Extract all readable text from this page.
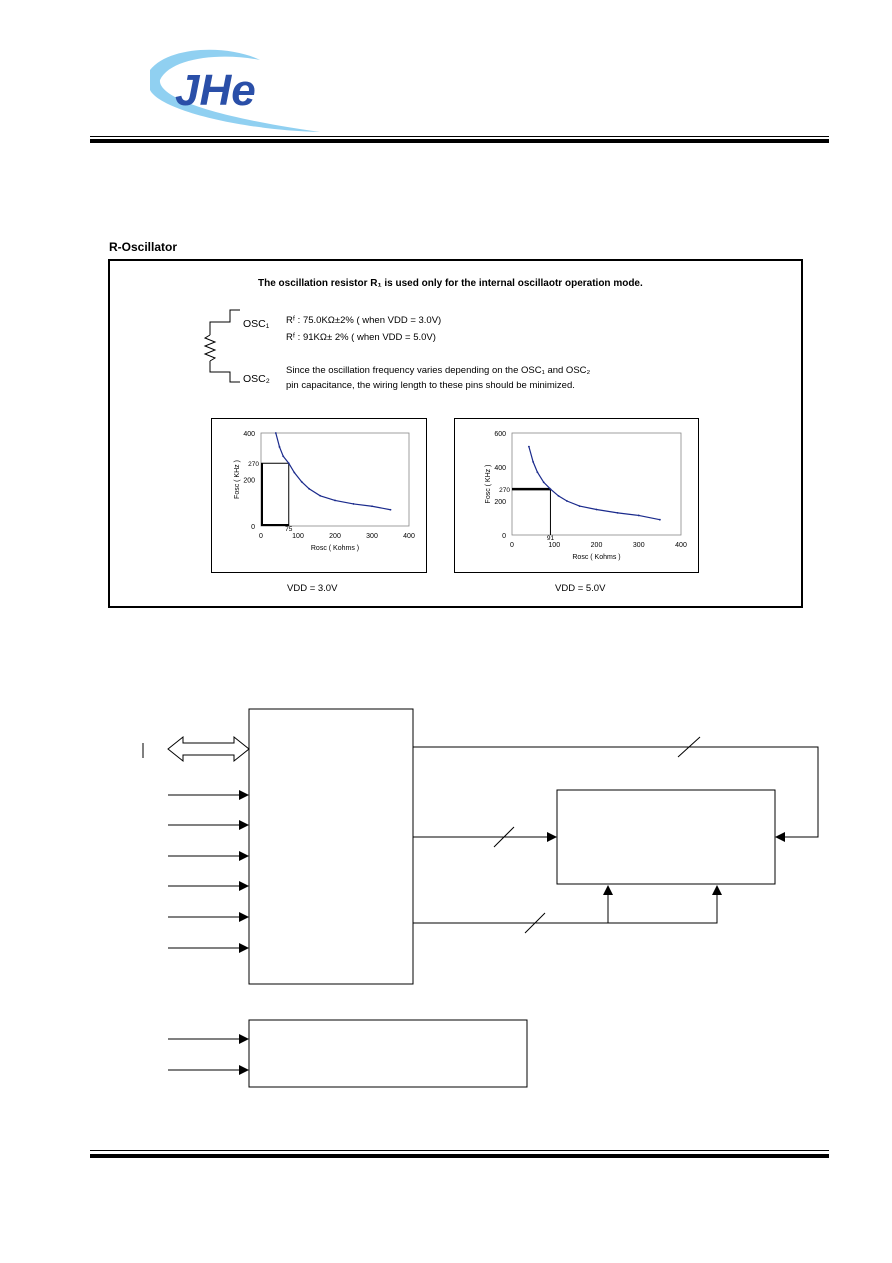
JHe
R-Oscillator
The oscillation resistor R₁ is used only for the internal oscillaotr operation mode.
OSC₁
OSC₂
Rᶠ : 75.0KΩ±2% ( when VDD = 3.0V)
Rᶠ : 91KΩ± 2% ( when VDD = 5.0V)
Since the oscillation frequency varies depending on the OSC₁ and OSC₂
pin capacitance, the wiring length to these pins should be minimized.
0	100	200	300	400
0
200
400
Rosc ( Kohms )
Fosc ( KHz )
75
270
VDD = 3.0V
0	100	200	300	400
0
200
400
600
Rosc ( Kohms )
Fosc ( KHz )
91
270
VDD = 5.0V
